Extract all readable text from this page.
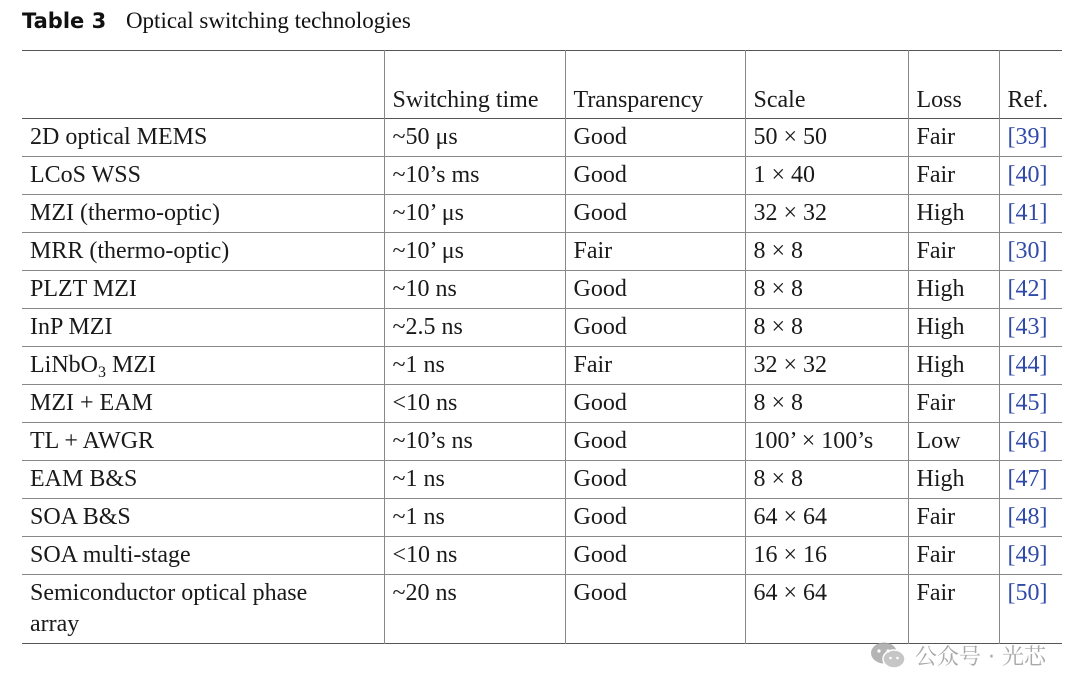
Table 3 Optical switching technologies
	Switching time	Transparency	Scale	Loss	Ref.
2D optical MEMS	~50 μs	Good	50 × 50	Fair	[39]
LCoS WSS	~10’s ms	Good	1 × 40	Fair	[40]
MZI (thermo-optic)	~10’ μs	Good	32 × 32	High	[41]
MRR (thermo-optic)	~10’ μs	Fair	8 × 8	Fair	[30]
PLZT MZI	~10 ns	Good	8 × 8	High	[42]
InP MZI	~2.5 ns	Good	8 × 8	High	[43]
LiNbO$_3$ MZI	~1 ns	Fair	32 × 32	High	[44]
MZI + EAM	<10 ns	Good	8 × 8	Fair	[45]
TL + AWGR	~10’s ns	Good	100’ × 100’s	Low	[46]
EAM B&S	~1 ns	Good	8 × 8	High	[47]
SOA B&S	~1 ns	Good	64 × 64	Fair	[48]
SOA multi-stage	<10 ns	Good	16 × 16	Fair	[49]
Semiconductor optical phase array	~20 ns	Good	64 × 64	Fair	[50]
公众号 · 光芯
